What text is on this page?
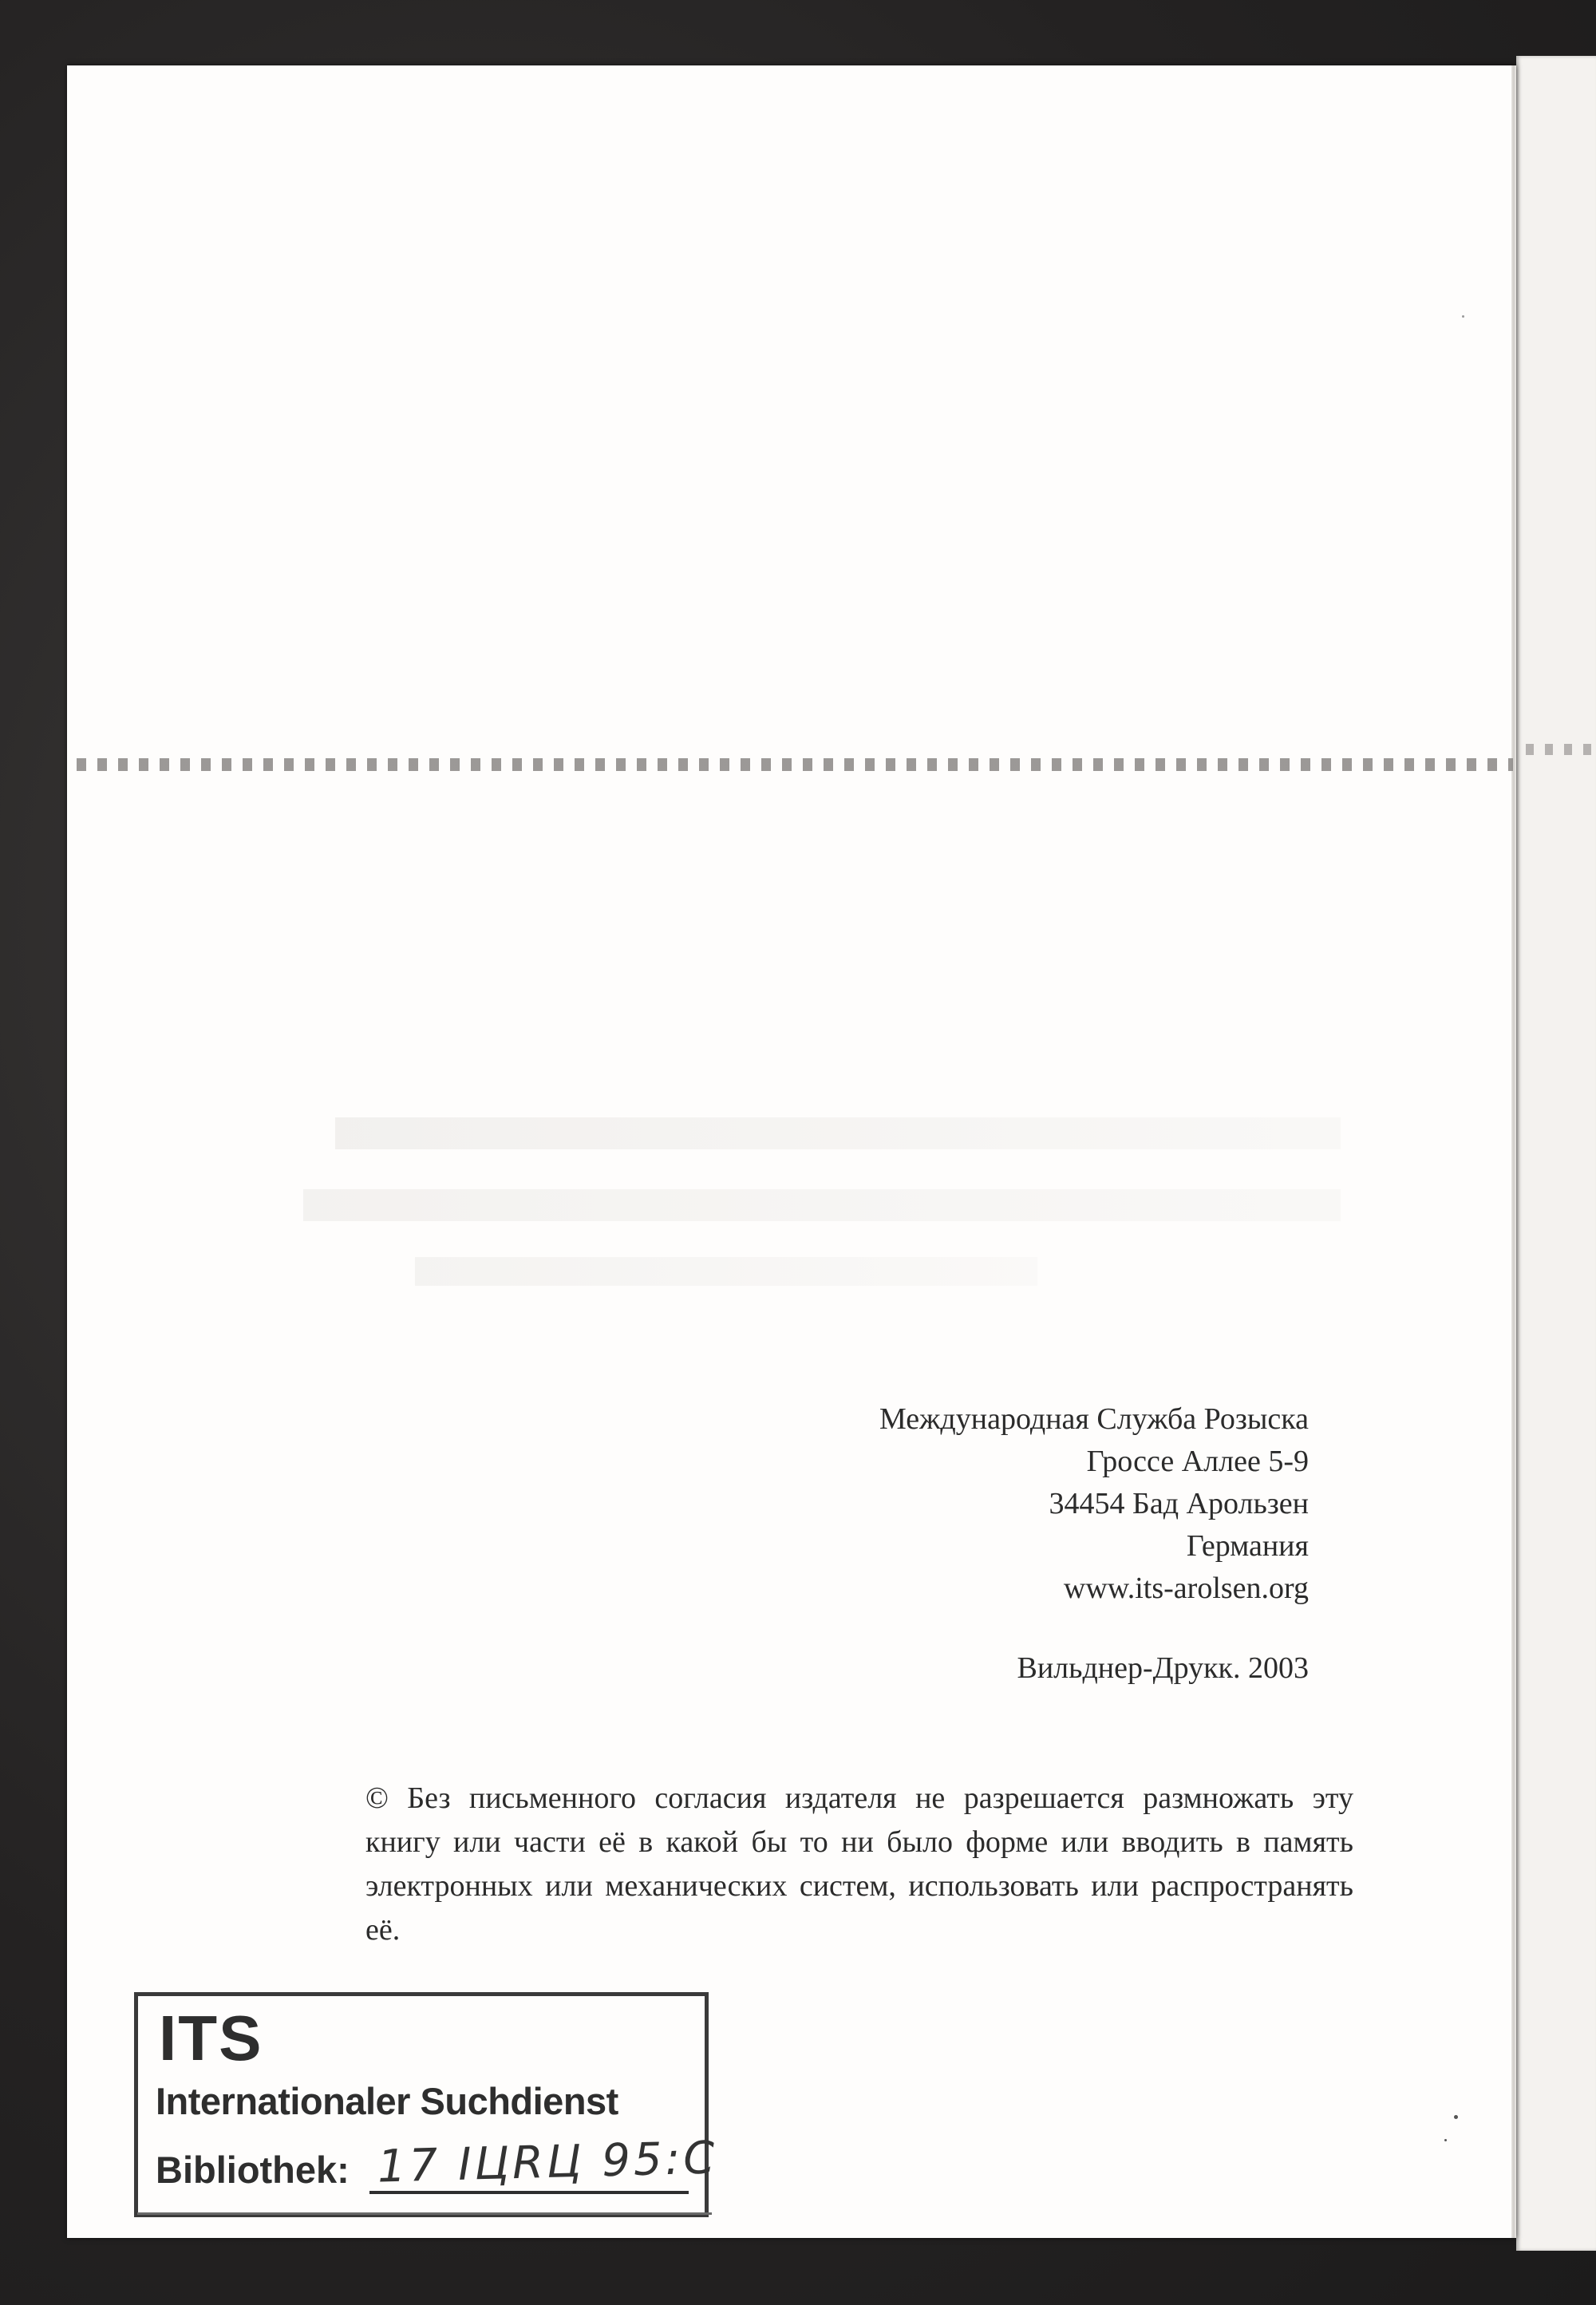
Международная Служба Розыска
Гроссе Аллее 5-9
34454 Бад Арользен
Германия
www.its-arolsen.org
Вильднер-Друкк. 2003
© Без письменного согласия издателя не разрешается размножать эту книгу или части её в какой бы то ни было форме или вводить в память электронных или механических систем, использовать или распространять её.
ITS
Internationaler Suchdienst
Bibliothek: 17 ІЦRЦ 95:С
